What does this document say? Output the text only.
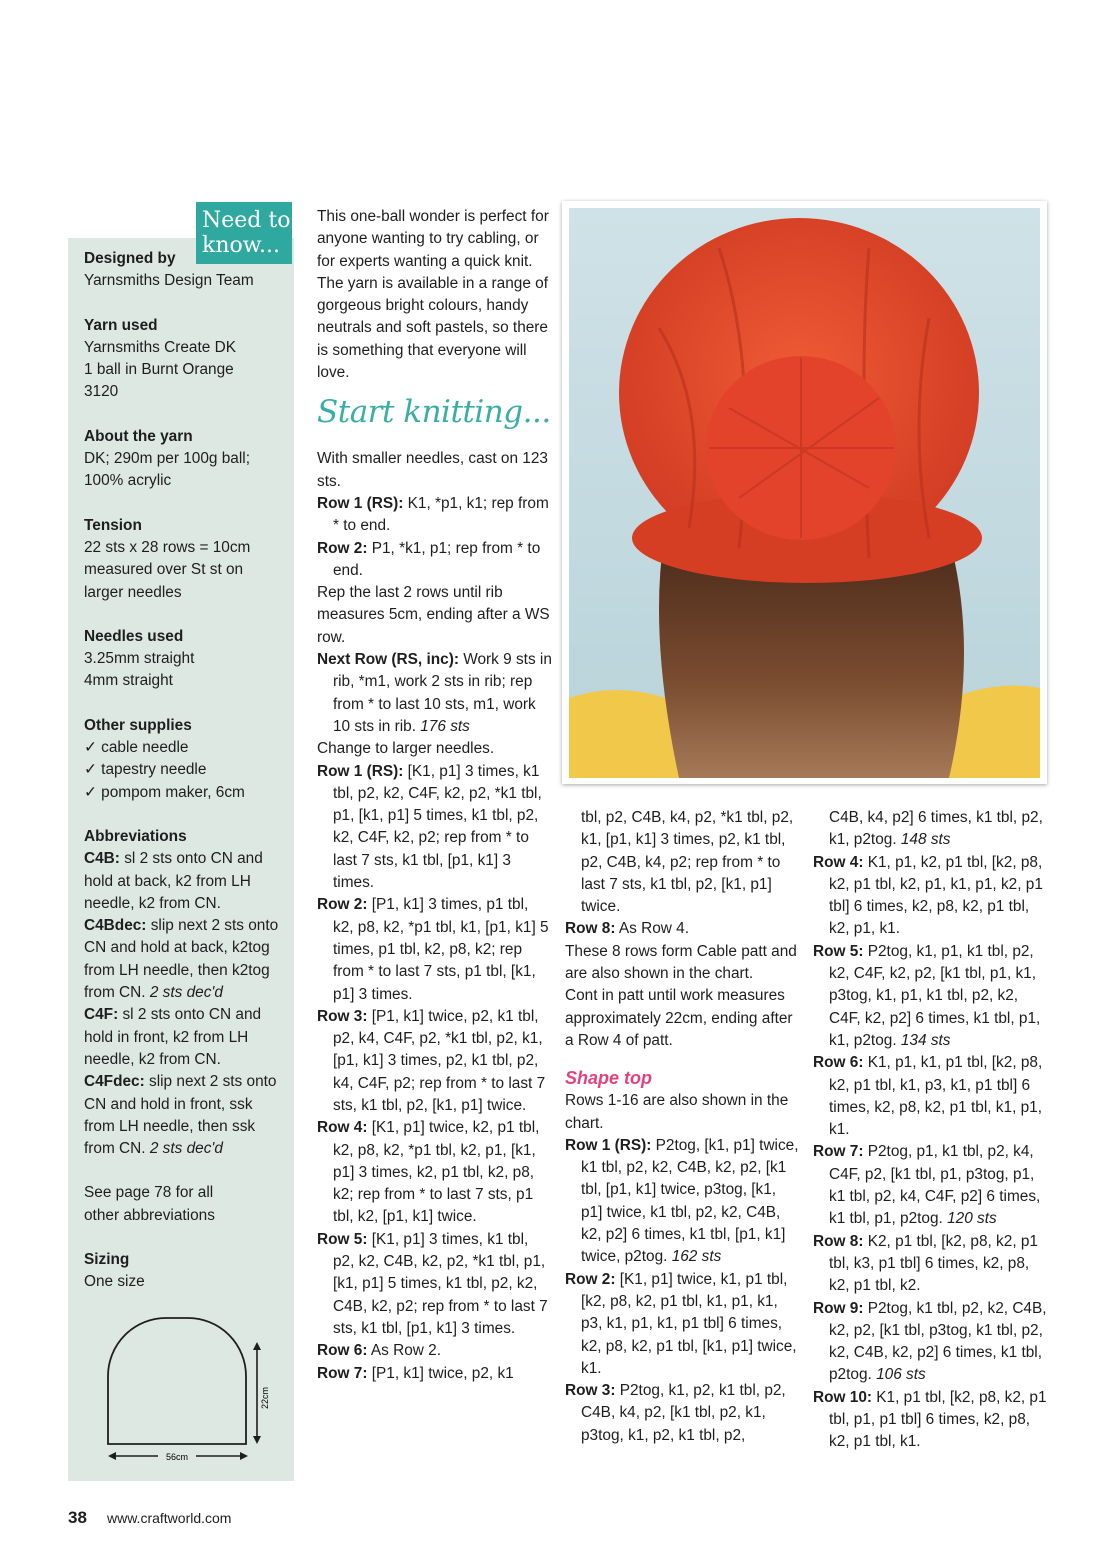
Need to
know...
Designed by
Yarnsmiths Design Team
Yarn used
Yarnsmiths Create DK
1 ball in Burnt Orange
3120
About the yarn
DK; 290m per 100g ball;
100% acrylic
Tension
22 sts x 28 rows = 10cm
measured over St st on
larger needles
Needles used
3.25mm straight
4mm straight
Other supplies
✓ cable needle
✓ tapestry needle
✓ pompom maker, 6cm
Abbreviations
C4B: sl 2 sts onto CN and hold at back, k2 from LH needle, k2 from CN.
C4Bdec: slip next 2 sts onto CN and hold at back, k2tog from LH needle, then k2tog from CN. 2 sts dec'd
C4F: sl 2 sts onto CN and hold in front, k2 from LH needle, k2 from CN.
C4Fdec: slip next 2 sts onto CN and hold in front, ssk from LH needle, then ssk from CN. 2 sts dec'd
See page 78 for all
other abbreviations
Sizing
One size
22cm
56cm

This one-ball wonder is perfect for anyone wanting to try cabling, or for experts wanting a quick knit. The yarn is available in a range of gorgeous bright colours, handy neutrals and soft pastels, so there is something that everyone will love.

Start knitting...

With smaller needles, cast on 123 sts.

Row 1 (RS): K1, *p1, k1; rep from * to end.

Row 2: P1, *k1, p1; rep from * to end.

Rep the last 2 rows until rib measures 5cm, ending after a WS row.

Next Row (RS, inc): Work 9 sts in rib, *m1, work 2 sts in rib; rep from * to last 10 sts, m1, work 10 sts in rib. 176 sts

Change to larger needles.

Row 1 (RS): [K1, p1] 3 times, k1 tbl, p2, k2, C4F, k2, p2, *k1 tbl, p1, [k1, p1] 5 times, k1 tbl, p2, k2, C4F, k2, p2; rep from * to last 7 sts, k1 tbl, [p1, k1] 3 times.

Row 2: [P1, k1] 3 times, p1 tbl, k2, p8, k2, *p1 tbl, k1, [p1, k1] 5 times, p1 tbl, k2, p8, k2; rep from * to last 7 sts, p1 tbl, [k1, p1] 3 times.

Row 3: [P1, k1] twice, p2, k1 tbl, p2, k4, C4F, p2, *k1 tbl, p2, k1, [p1, k1] 3 times, p2, k1 tbl, p2, k4, C4F, p2; rep from * to last 7 sts, k1 tbl, p2, [k1, p1] twice.

Row 4: [K1, p1] twice, k2, p1 tbl, k2, p8, k2, *p1 tbl, k2, p1, [k1, p1] 3 times, k2, p1 tbl, k2, p8, k2; rep from * to last 7 sts, p1 tbl, k2, [p1, k1] twice.

Row 5: [K1, p1] 3 times, k1 tbl, p2, k2, C4B, k2, p2, *k1 tbl, p1, [k1, p1] 5 times, k1 tbl, p2, k2, C4B, k2, p2; rep from * to last 7 sts, k1 tbl, [p1, k1] 3 times.

Row 6: As Row 2.

Row 7: [P1, k1] twice, p2, k1

tbl, p2, C4B, k4, p2, *k1 tbl, p2, k1, [p1, k1] 3 times, p2, k1 tbl, p2, C4B, k4, p2; rep from * to last 7 sts, k1 tbl, p2, [k1, p1] twice.

Row 8: As Row 4.

These 8 rows form Cable patt and are also shown in the chart.

Cont in patt until work measures approximately 22cm, ending after a Row 4 of patt.

Shape top

Rows 1-16 are also shown in the chart.

Row 1 (RS): P2tog, [k1, p1] twice, k1 tbl, p2, k2, C4B, k2, p2, [k1 tbl, [p1, k1] twice, p3tog, [k1, p1] twice, k1 tbl, p2, k2, C4B, k2, p2] 6 times, k1 tbl, [p1, k1] twice, p2tog. 162 sts

Row 2: [K1, p1] twice, k1, p1 tbl, [k2, p8, k2, p1 tbl, k1, p1, k1, p3, k1, p1, k1, p1 tbl] 6 times, k2, p8, k2, p1 tbl, [k1, p1] twice, k1.

Row 3: P2tog, k1, p2, k1 tbl, p2, C4B, k4, p2, [k1 tbl, p2, k1, p3tog, k1, p2, k1 tbl, p2,

C4B, k4, p2] 6 times, k1 tbl, p2, k1, p2tog. 148 sts

Row 4: K1, p1, k2, p1 tbl, [k2, p8, k2, p1 tbl, k2, p1, k1, p1, k2, p1 tbl] 6 times, k2, p8, k2, p1 tbl, k2, p1, k1.

Row 5: P2tog, k1, p1, k1 tbl, p2, k2, C4F, k2, p2, [k1 tbl, p1, k1, p3tog, k1, p1, k1 tbl, p2, k2, C4F, k2, p2] 6 times, k1 tbl, p1, k1, p2tog. 134 sts

Row 6: K1, p1, k1, p1 tbl, [k2, p8, k2, p1 tbl, k1, p3, k1, p1 tbl] 6 times, k2, p8, k2, p1 tbl, k1, p1, k1.

Row 7: P2tog, p1, k1 tbl, p2, k4, C4F, p2, [k1 tbl, p1, p3tog, p1, k1 tbl, p2, k4, C4F, p2] 6 times, k1 tbl, p1, p2tog. 120 sts

Row 8: K2, p1 tbl, [k2, p8, k2, p1 tbl, k3, p1 tbl] 6 times, k2, p8, k2, p1 tbl, k2.

Row 9: P2tog, k1 tbl, p2, k2, C4B, k2, p2, [k1 tbl, p3tog, k1 tbl, p2, k2, C4B, k2, p2] 6 times, k1 tbl, p2tog. 106 sts

Row 10: K1, p1 tbl, [k2, p8, k2, p1 tbl, p1, p1 tbl] 6 times, k2, p8, k2, p1 tbl, k1.

38 www.craftworld.com
